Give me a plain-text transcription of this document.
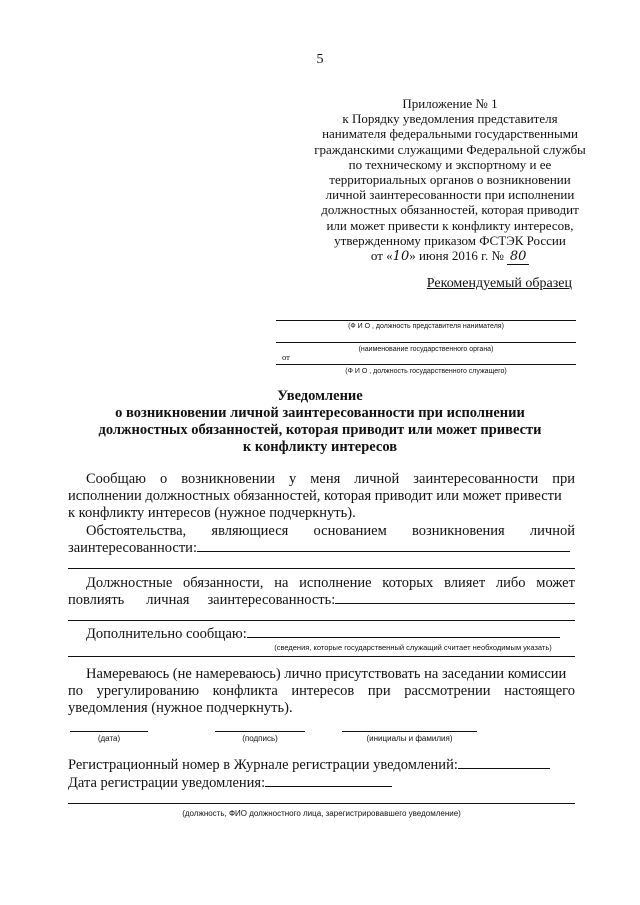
5
Приложение № 1
к Порядку уведомления представителя
нанимателя федеральными государственными
гражданскими служащими Федеральной службы
по техническому и экспортному и ее
территориальных органов о возникновении
личной заинтересованности при исполнении
должностных обязанностей, которая приводит
или может привести к конфликту интересов,
утвержденному приказом ФСТЭК России
от «10» июня 2016 г. № 80
Рекомендуемый образец
(Ф И О , должность представителя нанимателя)
(наименование государственного органа)
от
(Ф И О , должность государственного служащего)
Уведомление
о возникновении личной заинтересованности при исполнении
должностных обязанностей, которая приводит или может привести
к конфликту интересов
Сообщаю о возникновении у меня личной заинтересованности при
исполнении должностных обязанностей, которая приводит или может привести
к конфликту интересов (нужное подчеркнуть).
Обстоятельства, являющиеся основанием возникновения личной
заинтересованности:
Должностные обязанности, на исполнение которых влияет либо может
повлиять личная заинтересованность:
Дополнительно сообщаю:
(сведения, которые государственный служащий считает необходимым указать)
Намереваюсь (не намереваюсь) лично присутствовать на заседании комиссии
по урегулированию конфликта интересов при рассмотрении настоящего
уведомления (нужное подчеркнуть).
(дата)	(подпись)	(инициалы и фамилия)
Регистрационный номер в Журнале регистрации уведомлений:
Дата регистрации уведомления:
(должность, ФИО должностного лица, зарегистрировавшего уведомление)
